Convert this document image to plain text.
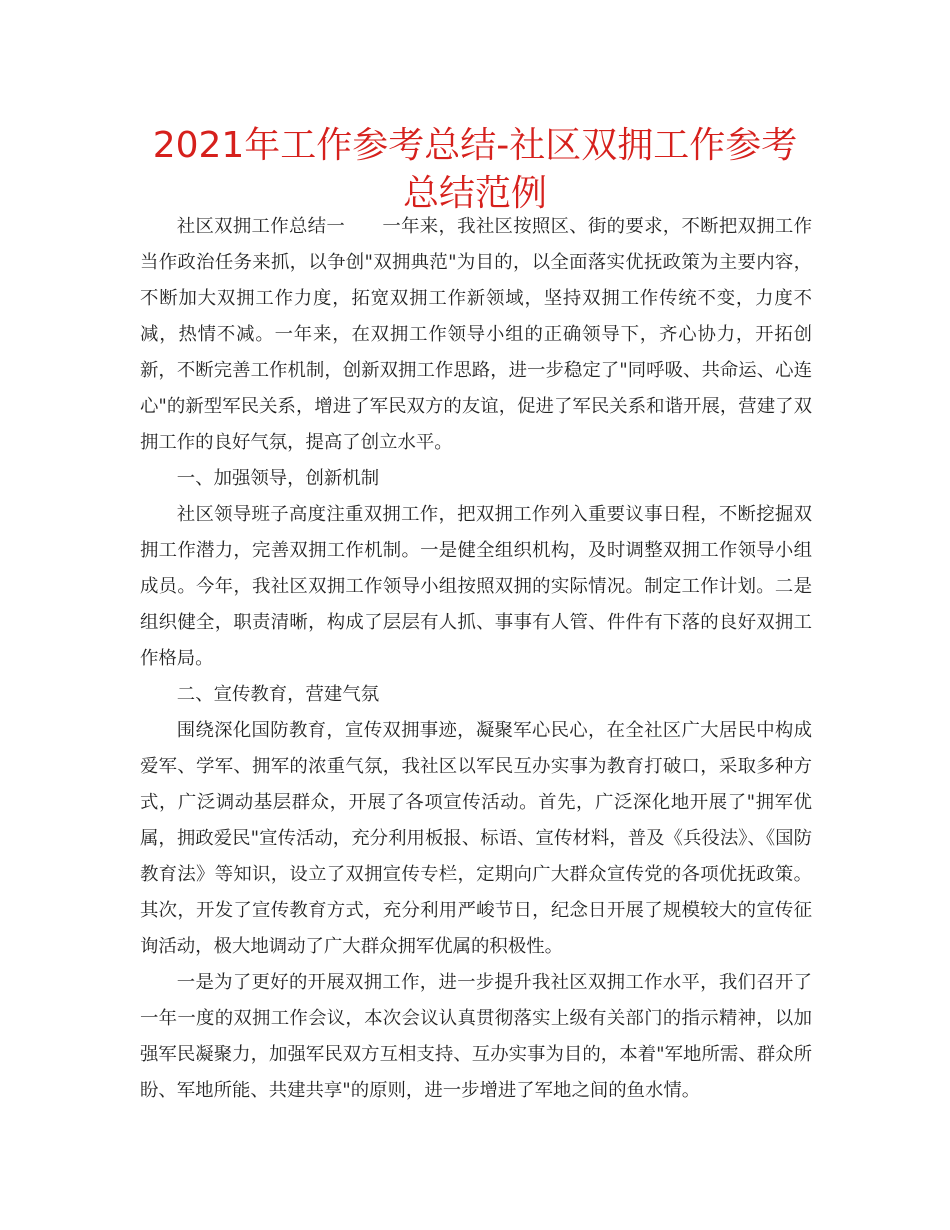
2021年工作参考总结-社区双拥工作参考总结范例

社区双拥工作总结一　　一年来，我社区按照区、街的要求，不断把双拥工作当作政治任务来抓，以争创"双拥典范"为目的，以全面落实优抚政策为主要内容，不断加大双拥工作力度，拓宽双拥工作新领域，坚持双拥工作传统不变，力度不减，热情不减。一年来，在双拥工作领导小组的正确领导下，齐心协力，开拓创新，不断完善工作机制，创新双拥工作思路，进一步稳定了"同呼吸、共命运、心连心"的新型军民关系，增进了军民双方的友谊，促进了军民关系和谐开展，营建了双拥工作的良好气氛，提高了创立水平。

一、加强领导，创新机制

社区领导班子高度注重双拥工作，把双拥工作列入重要议事日程，不断挖掘双拥工作潜力，完善双拥工作机制。一是健全组织机构，及时调整双拥工作领导小组成员。今年，我社区双拥工作领导小组按照双拥的实际情况。制定工作计划。二是组织健全，职责清晰，构成了层层有人抓、事事有人管、件件有下落的良好双拥工作格局。

二、宣传教育，营建气氛

围绕深化国防教育，宣传双拥事迹，凝聚军心民心，在全社区广大居民中构成爱军、学军、拥军的浓重气氛，我社区以军民互办实事为教育打破口，采取多种方式，广泛调动基层群众，开展了各项宣传活动。首先，广泛深化地开展了"拥军优属，拥政爱民"宣传活动，充分利用板报、标语、宣传材料，普及《兵役法》、《国防教育法》等知识，设立了双拥宣传专栏，定期向广大群众宣传党的各项优抚政策。其次，开发了宣传教育方式，充分利用严峻节日，纪念日开展了规模较大的宣传征询活动，极大地调动了广大群众拥军优属的积极性。

一是为了更好的开展双拥工作，进一步提升我社区双拥工作水平，我们召开了一年一度的双拥工作会议，本次会议认真贯彻落实上级有关部门的指示精神，以加强军民凝聚力，加强军民双方互相支持、互办实事为目的，本着"军地所需、群众所盼、军地所能、共建共享"的原则，进一步增进了军地之间的鱼水情。
